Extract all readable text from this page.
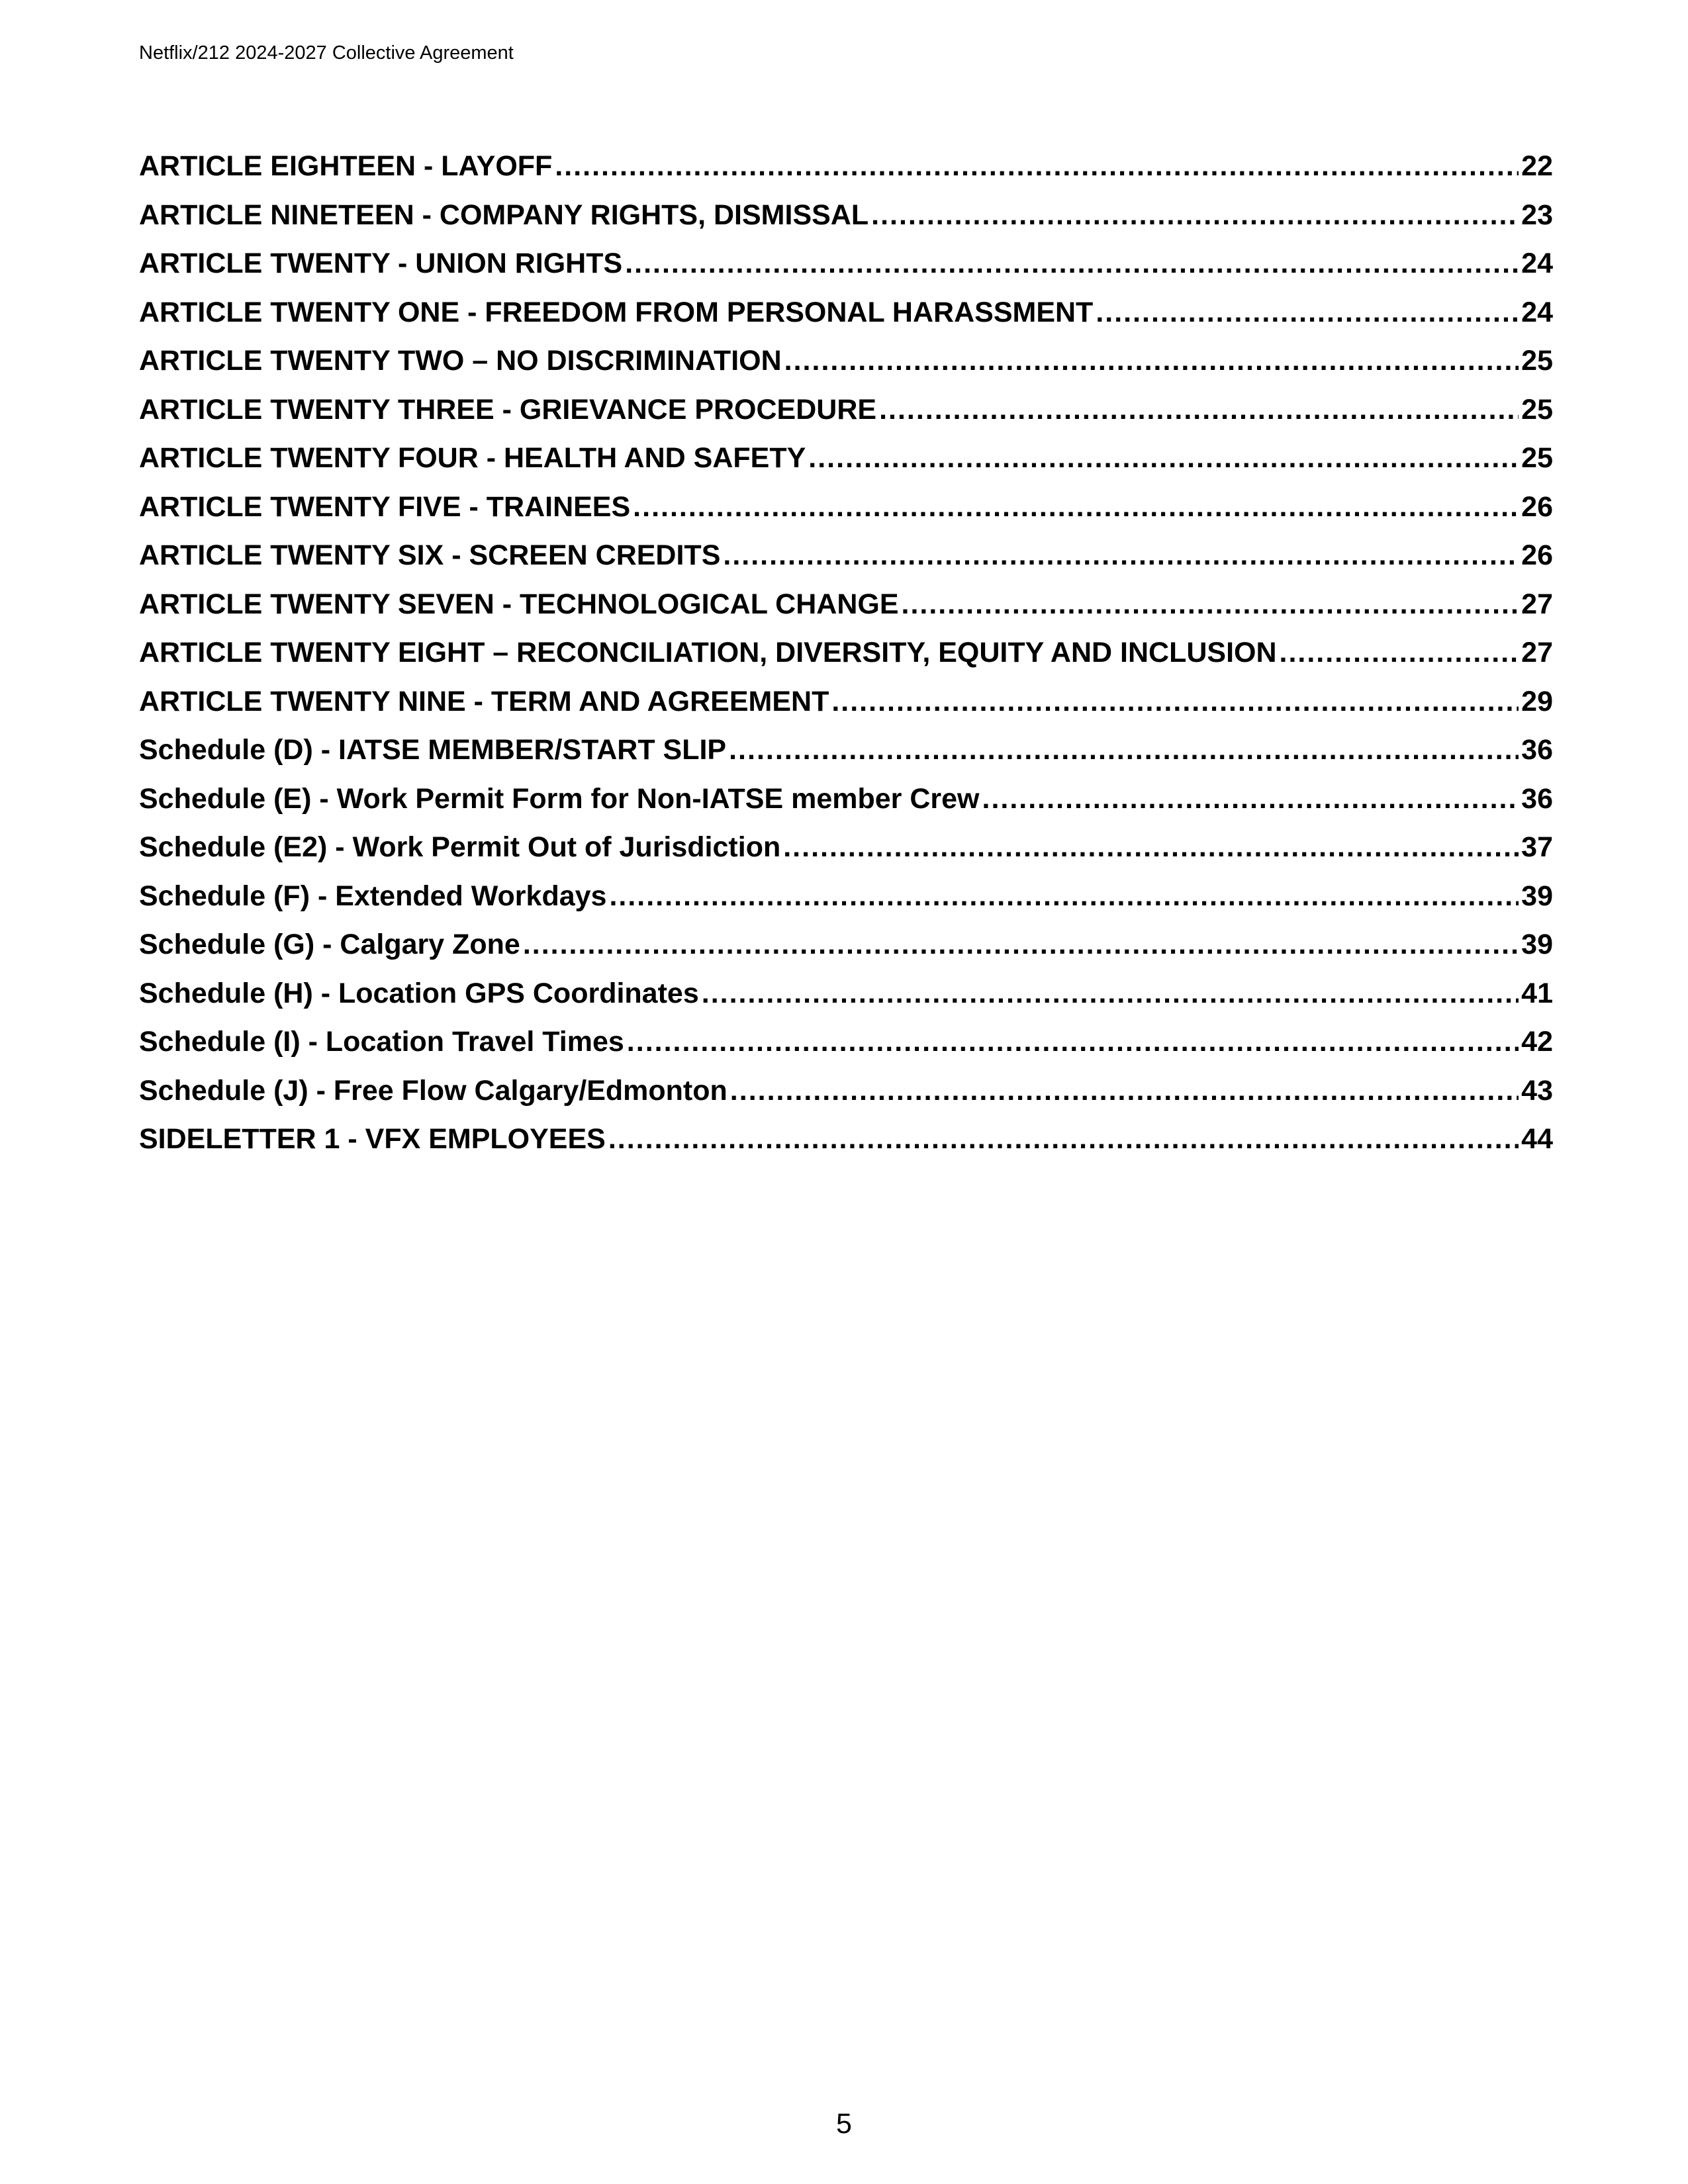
Netflix/212 2024-2027 Collective Agreement
ARTICLE EIGHTEEN - LAYOFF .....	22
ARTICLE NINETEEN - COMPANY RIGHTS, DISMISSAL .....	23
ARTICLE TWENTY - UNION RIGHTS .....	24
ARTICLE TWENTY ONE - FREEDOM FROM PERSONAL HARASSMENT .....	24
ARTICLE TWENTY TWO – NO DISCRIMINATION .....	25
ARTICLE TWENTY THREE - GRIEVANCE PROCEDURE .....	25
ARTICLE TWENTY FOUR - HEALTH AND SAFETY .....	25
ARTICLE TWENTY FIVE - TRAINEES .....	26
ARTICLE TWENTY SIX - SCREEN CREDITS .....	26
ARTICLE TWENTY SEVEN - TECHNOLOGICAL CHANGE .....	27
ARTICLE TWENTY EIGHT – RECONCILIATION, DIVERSITY, EQUITY AND INCLUSION .....	27
ARTICLE TWENTY NINE - TERM AND AGREEMENT .....	29
Schedule (D) - IATSE MEMBER/START SLIP .....	36
Schedule (E) - Work Permit Form for Non-IATSE member Crew .....	36
Schedule (E2) - Work Permit Out of Jurisdiction .....	37
Schedule (F) - Extended Workdays .....	39
Schedule (G) - Calgary Zone .....	39
Schedule (H) - Location GPS Coordinates .....	41
Schedule (I) - Location Travel Times .....	42
Schedule (J) - Free Flow Calgary/Edmonton .....	43
SIDELETTER 1 - VFX EMPLOYEES .....	44
5
